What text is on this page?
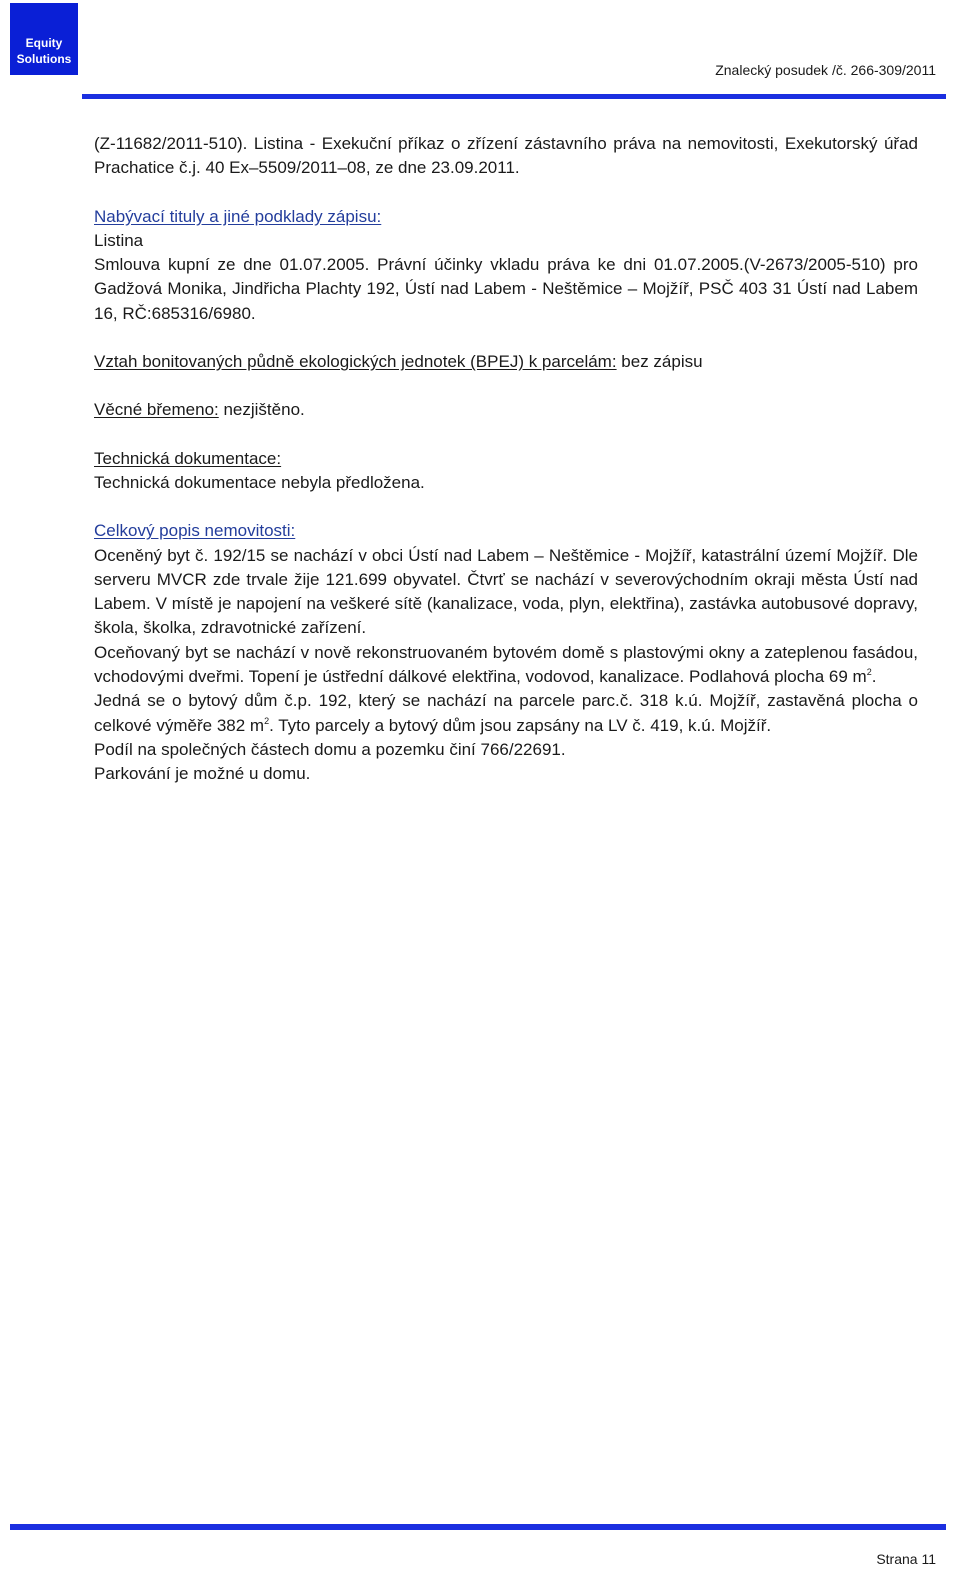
Equity
Solutions
Znalecký posudek /č. 266-309/2011

(Z-11682/2011-510). Listina - Exekuční příkaz o zřízení zástavního práva na nemovitosti, Exekutorský úřad Prachatice č.j. 40 Ex–5509/2011–08, ze dne 23.09.2011.

Nabývací tituly a jiné podklady zápisu:

Listina

Smlouva kupní ze dne 01.07.2005. Právní účinky vkladu práva ke dni 01.07.2005.(V-2673/2005-510) pro Gadžová Monika, Jindřicha Plachty 192, Ústí nad Labem - Neštěmice – Mojžíř, PSČ 403 31 Ústí nad Labem 16, RČ:685316/6980.

Vztah bonitovaných půdně ekologických jednotek (BPEJ) k parcelám: bez zápisu

Věcné břemeno: nezjištěno.

Technická dokumentace:

Technická dokumentace nebyla předložena.

Celkový popis nemovitosti:

Oceněný byt č. 192/15 se nachází v obci Ústí nad Labem – Neštěmice - Mojžíř, katastrální území Mojžíř. Dle serveru MVCR zde trvale žije 121.699 obyvatel. Čtvrť se nachází v severovýchodním okraji města Ústí nad Labem. V místě je napojení na veškeré sítě (kanalizace, voda, plyn, elektřina), zastávka autobusové dopravy, škola, školka, zdravotnické zařízení.

Oceňovaný byt se nachází v nově rekonstruovaném bytovém domě s plastovými okny a zateplenou fasádou, vchodovými dveřmi. Topení je ústřední dálkové elektřina, vodovod, kanalizace. Podlahová plocha 69 $m^2$.

Jedná se o bytový dům č.p. 192, který se nachází na parcele parc.č. 318 k.ú. Mojžíř, zastavěná plocha o celkové výměře 382 $m^2$. Tyto parcely a bytový dům jsou zapsány na LV č. 419, k.ú. Mojžíř.

Podíl na společných částech domu a pozemku činí 766/22691.

Parkování je možné u domu.

Strana 11
